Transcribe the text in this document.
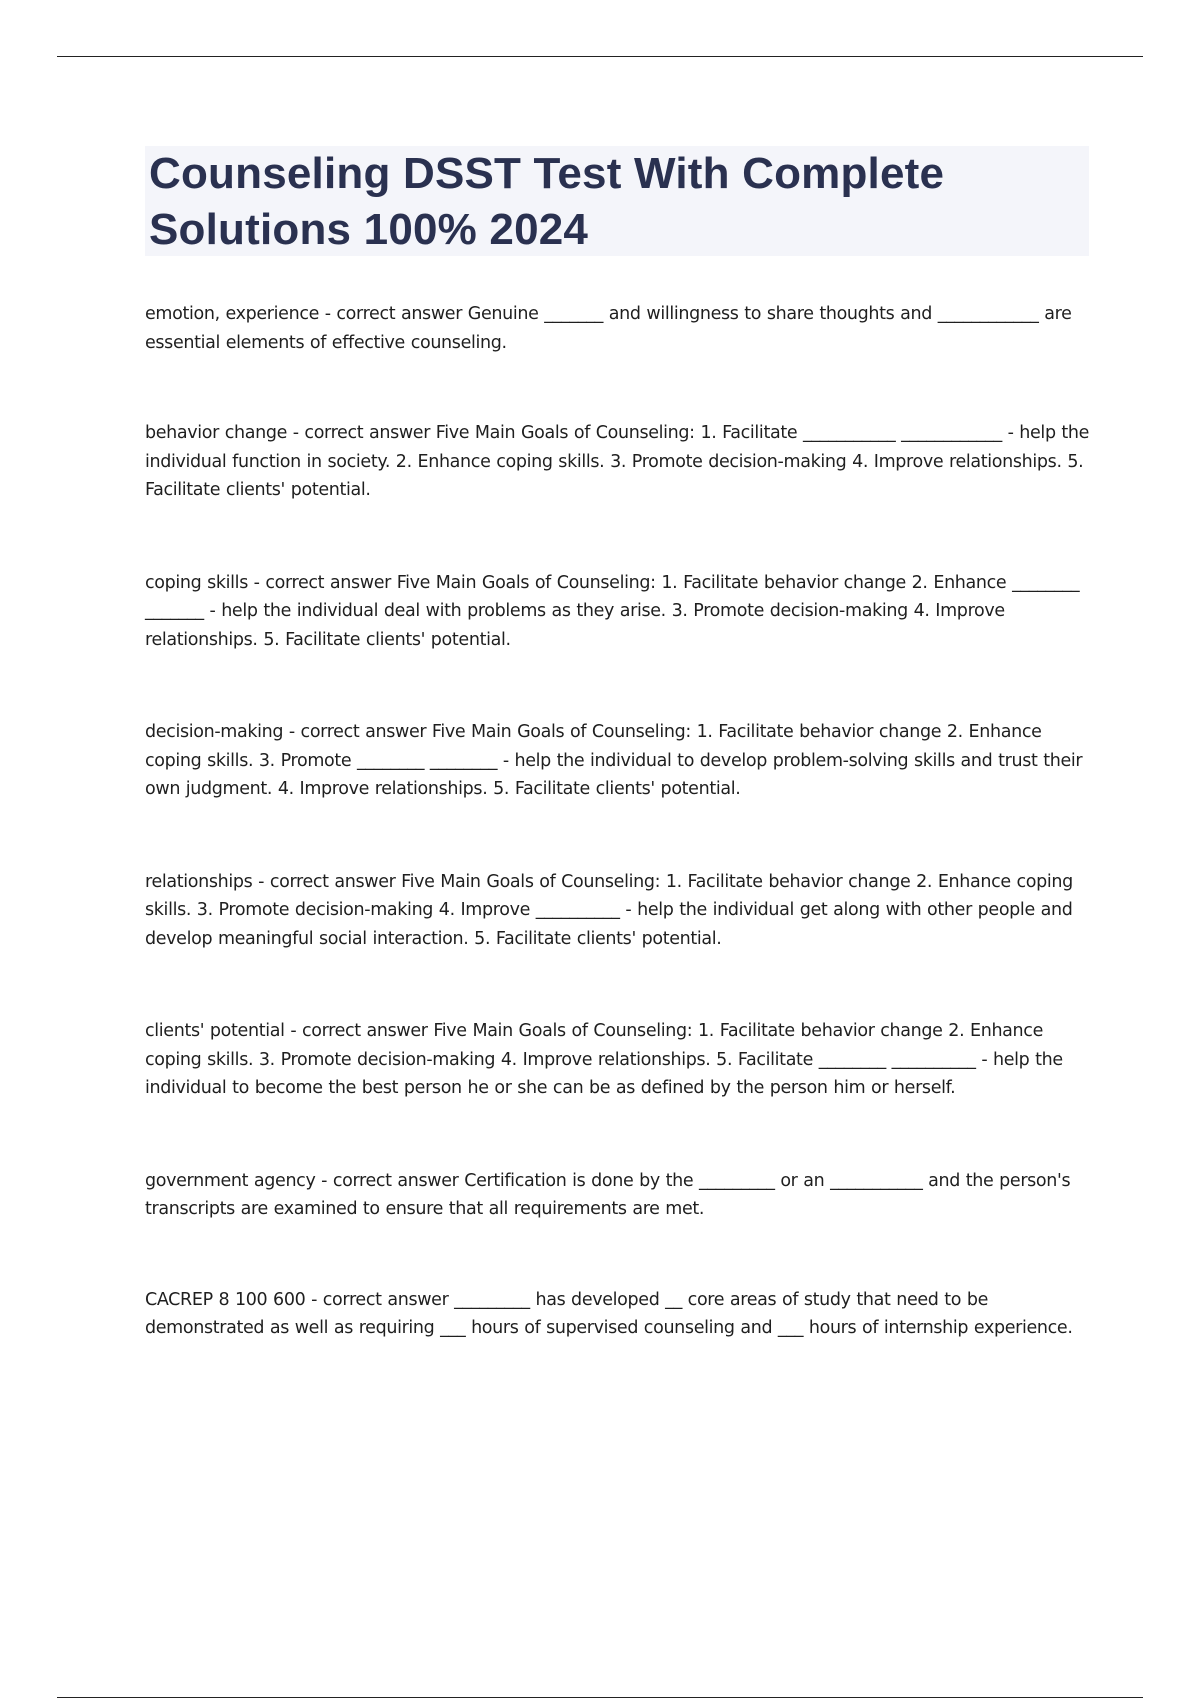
Counseling DSST Test With Complete Solutions 100% 2024

emotion, experience - correct answer Genuine _______ and willingness to share thoughts and ____________ are essential elements of effective counseling.

behavior change - correct answer Five Main Goals of Counseling: 1. Facilitate ___________ ____________ - help the individual function in society. 2. Enhance coping skills. 3. Promote decision-making 4. Improve relationships. 5. Facilitate clients' potential.

coping skills - correct answer Five Main Goals of Counseling: 1. Facilitate behavior change 2. Enhance ________ _______ - help the individual deal with problems as they arise. 3. Promote decision-making 4. Improve relationships. 5. Facilitate clients' potential.

decision-making - correct answer Five Main Goals of Counseling: 1. Facilitate behavior change 2. Enhance coping skills. 3. Promote ________ ________ - help the individual to develop problem-solving skills and trust their own judgment. 4. Improve relationships. 5. Facilitate clients' potential.

relationships - correct answer Five Main Goals of Counseling: 1. Facilitate behavior change 2. Enhance coping skills. 3. Promote decision-making 4. Improve __________ - help the individual get along with other people and develop meaningful social interaction. 5. Facilitate clients' potential.

clients' potential - correct answer Five Main Goals of Counseling: 1. Facilitate behavior change 2. Enhance coping skills. 3. Promote decision-making 4. Improve relationships. 5. Facilitate ________ __________ - help the individual to become the best person he or she can be as defined by the person him or herself.

government agency - correct answer Certification is done by the _________ or an ___________ and the person's transcripts are examined to ensure that all requirements are met.

CACREP 8 100 600 - correct answer _________ has developed __ core areas of study that need to be demonstrated as well as requiring ___ hours of supervised counseling and ___ hours of internship experience.
